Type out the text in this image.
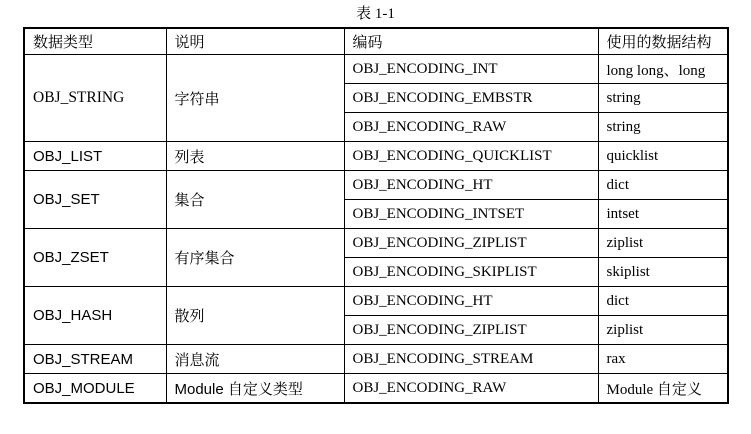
表 1-1
数据类型	说明	编码	使用的数据结构
OBJ_STRING	字符串	OBJ_ENCODING_INT	long long、long
		OBJ_ENCODING_EMBSTR	string
		OBJ_ENCODING_RAW	string
OBJ_LIST	列表	OBJ_ENCODING_QUICKLIST	quicklist
OBJ_SET	集合	OBJ_ENCODING_HT	dict
		OBJ_ENCODING_INTSET	intset
OBJ_ZSET	有序集合	OBJ_ENCODING_ZIPLIST	ziplist
		OBJ_ENCODING_SKIPLIST	skiplist
OBJ_HASH	散列	OBJ_ENCODING_HT	dict
		OBJ_ENCODING_ZIPLIST	ziplist
OBJ_STREAM	消息流	OBJ_ENCODING_STREAM	rax
OBJ_MODULE	Module 自定义类型	OBJ_ENCODING_RAW	Module 自定义
